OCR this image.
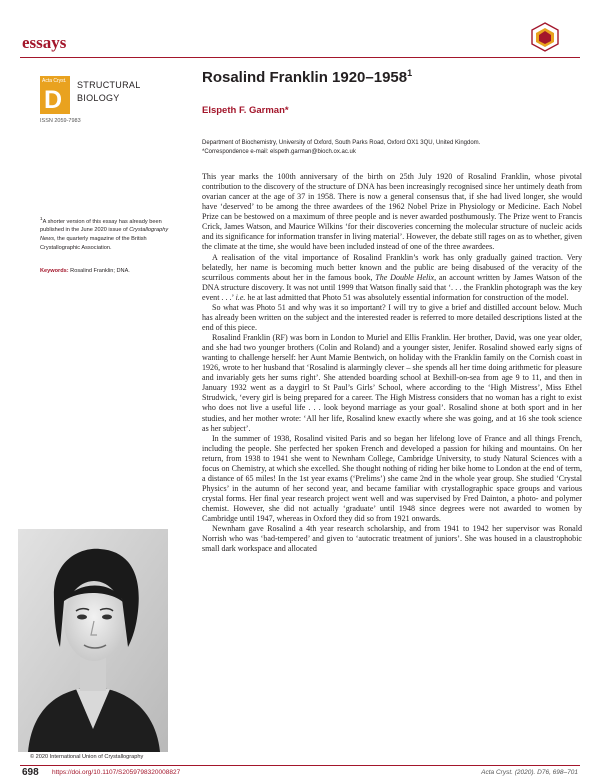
essays
Acta Cryst.
D
STRUCTURAL
BIOLOGY
ISSN 2059-7983
Rosalind Franklin 1920–1958$^1$
Elspeth F. Garman*
Department of Biochemistry, University of Oxford, South Parks Road, Oxford OX1 3QU, United Kingdom.
*Correspondence e-mail: elspeth.garman@bioch.ox.ac.uk
$^1$A shorter version of this essay has already been published in the June 2020 issue of Crystallography News, the quarterly magazine of the British Crystallographic Association.
Keywords: Rosalind Franklin; DNA.
© 2020 International Union of Crystallography

This year marks the 100th anniversary of the birth on 25th July 1920 of Rosalind Franklin, whose pivotal contribution to the discovery of the structure of DNA has been increasingly recognised since her untimely death from ovarian cancer at the age of 37 in 1958. There is now a general consensus that, if she had lived longer, she would have ‘deserved’ to be among the three awardees of the 1962 Nobel Prize in Physiology or Medicine. Each Nobel Prize can be bestowed on a maximum of three people and is never awarded posthumously. The Prize went to Francis Crick, James Watson, and Maurice Wilkins ‘for their discoveries concerning the molecular structure of nucleic acids and its significance for information transfer in living material’. However, the debate still rages on as to whether, given the climate at the time, she would have been included instead of one of the three awardees.

A realisation of the vital importance of Rosalind Franklin’s work has only gradually gained traction. Very belatedly, her name is becoming much better known and the public are being disabused of the veracity of the scurrilous comments about her in the famous book, The Double Helix, an account written by James Watson of the DNA structure discovery. It was not until 1999 that Watson finally said that ‘. . . the Franklin photograph was the key event . . .’ i.e. he at last admitted that Photo 51 was absolutely essential information for construction of the model.

So what was Photo 51 and why was it so important? I will try to give a brief and distilled account below. Much has already been written on the subject and the interested reader is referred to more detailed descriptions listed at the end of this piece.

Rosalind Franklin (RF) was born in London to Muriel and Ellis Franklin. Her brother, David, was one year older, and she had two younger brothers (Colin and Roland) and a younger sister, Jenifer. Rosalind showed early signs of wanting to challenge herself: her Aunt Mamie Bentwich, on holiday with the Franklin family on the Cornish coast in 1926, wrote to her husband that ‘Rosalind is alarmingly clever – she spends all her time doing arithmetic for pleasure and invariably gets her sums right’. She attended boarding school at Bexhill-on-sea from age 9 to 11, and then in January 1932 went as a daygirl to St Paul’s Girls’ School, where according to the ‘High Mistress’, Miss Ethel Strudwick, ‘every girl is being prepared for a career. The High Mistress considers that no woman has a right to exist who does not live a useful life . . . look beyond marriage as your goal’. Rosalind shone at both sport and in her studies, and her mother wrote: ‘All her life, Rosalind knew exactly where she was going, and at 16 she took science as her subject’.

In the summer of 1938, Rosalind visited Paris and so began her lifelong love of France and all things French, including the people. She perfected her spoken French and developed a passion for hiking and mountains. On her return, from 1938 to 1941 she went to Newnham College, Cambridge University, to study Natural Sciences with a focus on Chemistry, at which she excelled. She thought nothing of riding her bike home to London at the end of term, a distance of 65 miles! In the 1st year exams (‘Prelims’) she came 2nd in the whole year group. She studied ‘Crystal Physics’ in the autumn of her second year, and became familiar with crystallographic space groups and various crystal forms. Her final year research project went well and was supervised by Fred Dainton, a photo- and polymer chemist. However, she did not actually ‘graduate’ until 1948 since degrees were not awarded to women by Cambridge until 1947, whereas in Oxford they did so from 1921 onwards.

Newnham gave Rosalind a 4th year research scholarship, and from 1941 to 1942 her supervisor was Ronald Norrish who was ‘bad-tempered’ and given to ‘autocratic treatment of juniors’. She was housed in a claustrophobic small dark workspace and allocated

698 https://doi.org/10.1107/S2059798320008827	Acta Cryst. (2020). D76, 698–701
